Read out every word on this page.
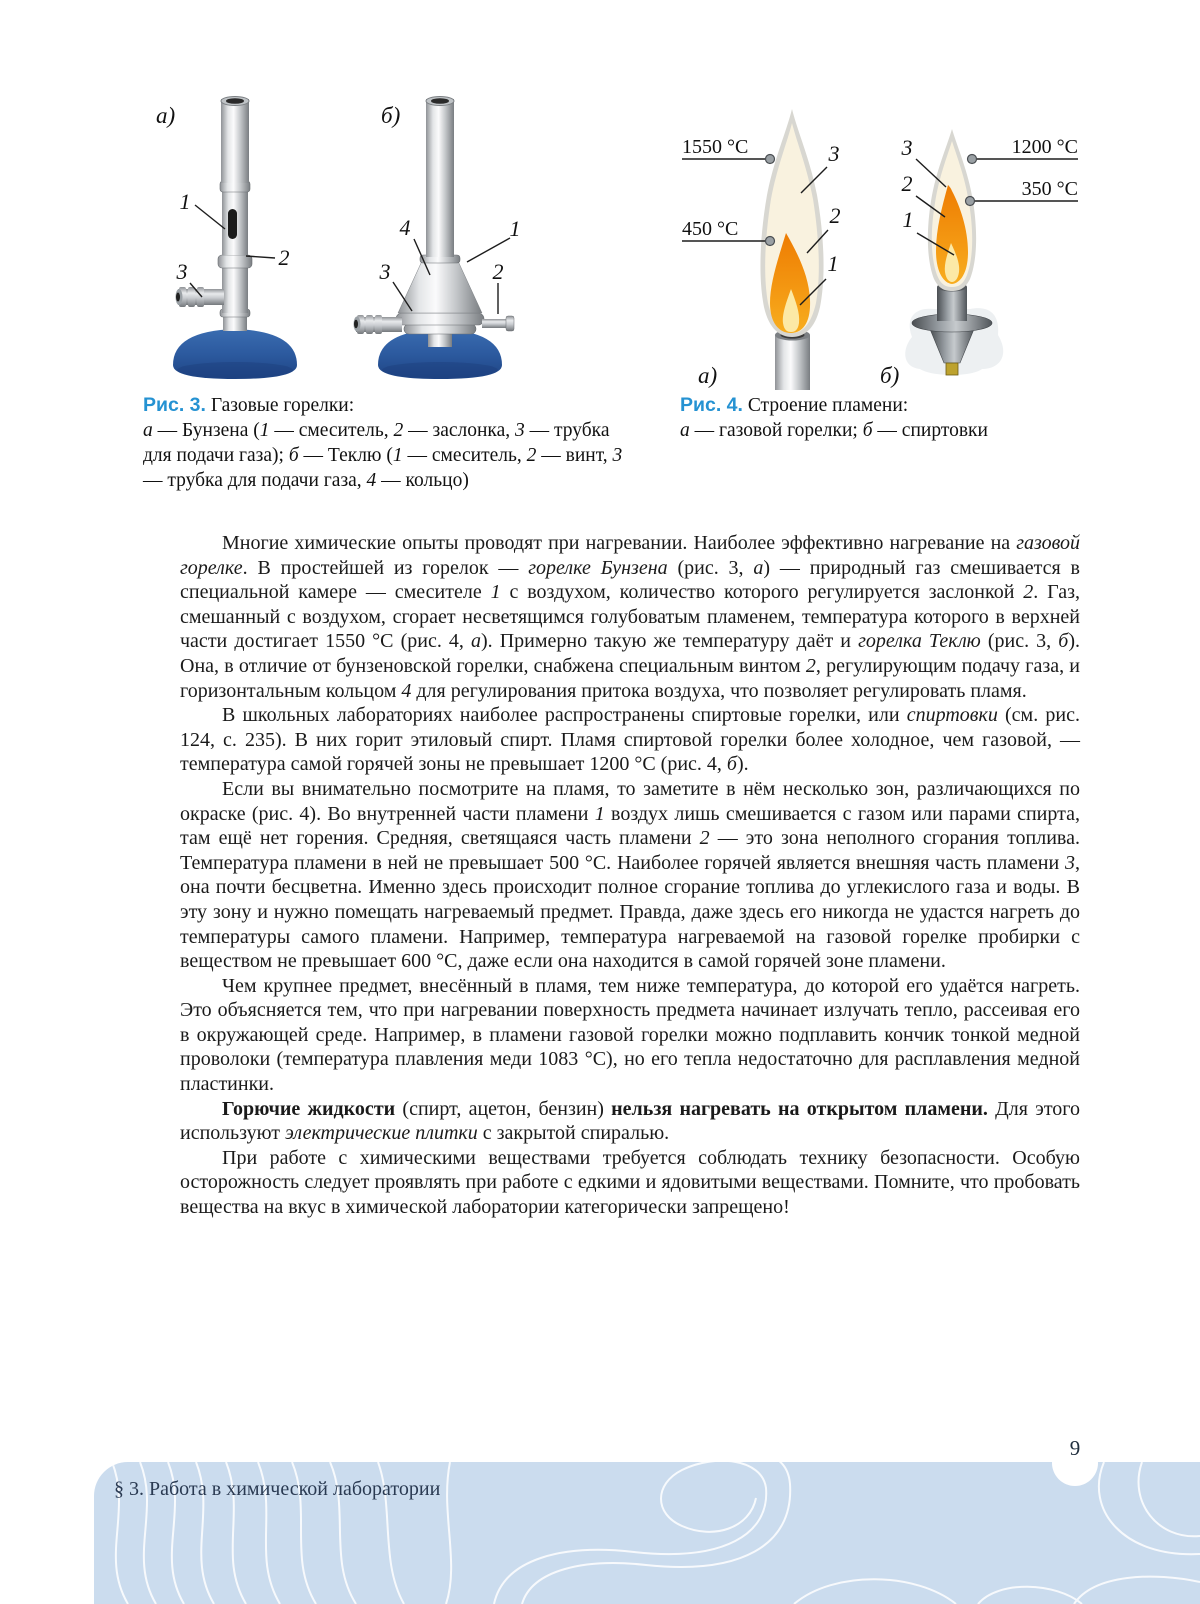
а)
1
2
3
б)
4	1
3	2
1550 °C
450 °C
3
2
1
а)
1200 °C
350 °C
3
2
1
б)
Рис. 3. Газовые горелки:
а — Бунзена (1 — смеситель, 2 — заслонка, 3 — трубка для подачи газа); б — Теклю (1 — смеситель, 2 — винт, 3 — трубка для подачи газа, 4 — кольцо)
Рис. 4. Строение пламени:
а — газовой горелки; б — спиртовки

Многие химические опыты проводят при нагревании. Наиболее эффективно нагревание на газовой горелке. В простейшей из горелок — горелке Бунзена (рис. 3, а) — природный газ смешивается в специальной камере — смесителе 1 с воздухом, количество которого регулируется заслонкой 2. Газ, смешанный с воздухом, сгорает несветящимся голубоватым пламенем, температура которого в верхней части достигает 1550 °C (рис. 4, а). Примерно такую же температуру даёт и горелка Теклю (рис. 3, б). Она, в отличие от бунзеновской горелки, снабжена специальным винтом 2, регулирующим подачу газа, и горизонтальным кольцом 4 для регулирования притока воздуха, что позволяет регулировать пламя.

В школьных лабораториях наиболее распространены спиртовые горелки, или спиртовки (см. рис. 124, с. 235). В них горит этиловый спирт. Пламя спиртовой горелки более холодное, чем газовой, — температура самой горячей зоны не превышает 1200 °C (рис. 4, б).

Если вы внимательно посмотрите на пламя, то заметите в нём несколько зон, различающихся по окраске (рис. 4). Во внутренней части пламени 1 воздух лишь смешивается с газом или парами спирта, там ещё нет горения. Средняя, светящаяся часть пламени 2 — это зона неполного сгорания топлива. Температура пламени в ней не превышает 500 °C. Наиболее горячей является внешняя часть пламени 3, она почти бесцветна. Именно здесь происходит полное сгорание топлива до углекислого газа и воды. В эту зону и нужно помещать нагреваемый предмет. Правда, даже здесь его никогда не удастся нагреть до температуры самого пламени. Например, температура нагреваемой на газовой горелке пробирки с веществом не превышает 600 °C, даже если она находится в самой горячей зоне пламени.

Чем крупнее предмет, внесённый в пламя, тем ниже температура, до которой его удаётся нагреть. Это объясняется тем, что при нагревании поверхность предмета начинает излучать тепло, рассеивая его в окружающей среде. Например, в пламени газовой горелки можно подплавить кончик тонкой медной проволоки (температура плавления меди 1083 °C), но его тепла недостаточно для расплавления медной пластинки.

Горючие жидкости (спирт, ацетон, бензин) нельзя нагревать на открытом пламени. Для этого используют электрические плитки с закрытой спиралью.

При работе с химическими веществами требуется соблюдать технику безопасности. Особую осторожность следует проявлять при работе с едкими и ядовитыми веществами. Помните, что пробовать вещества на вкус в химической лаборатории категорически запрещено!

9
§ 3. Работа в химической лаборатории
